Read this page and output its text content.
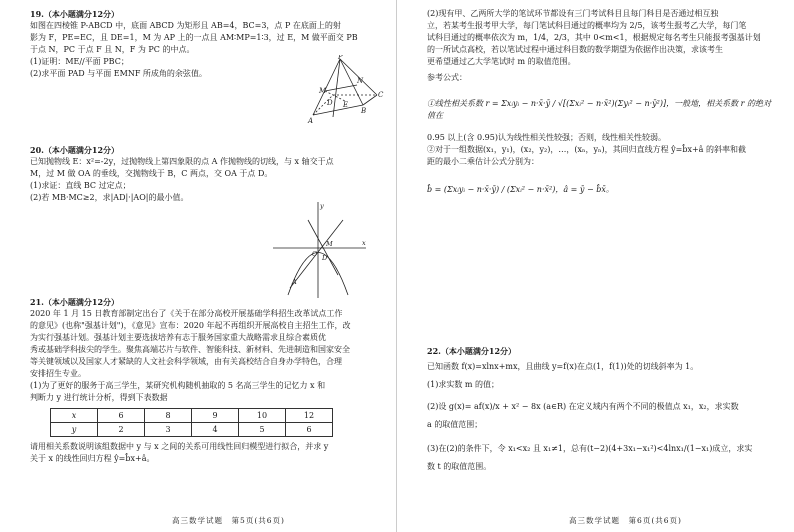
19.（本小题满分12分）

如图在四棱锥 P-ABCD 中，底面 ABCD 为矩形且 AB=4，BC=3，点 P 在底面上的射

影为 F，PE=EC，且 DE=1，M 为 AP 上的一点且 AM∶MP=1∶3，过 E，M 做平面交 PB

于点 N，PC 于点 F 且 N，F 为 PC 的中点。

(1)证明：ME//平面 PBC；

(2)求平面 PAD 与平面 EMNF 所成角的余弦值。

P
A
B
C
M
E
D
N

20.（本小题满分12分）

已知抛物线 E：x²=-2y，过抛物线上第四象限的点 A 作抛物线的切线，与 x 轴交于点

M，过 M 做 OA 的垂线，交抛物线于 B，C 两点，交 OA 于点 D。

(1)求证：直线 BC 过定点；

(2)若 MB·MC≥2，求|AD|·|AO|的最小值。

x
y
O
M
D
A

21.（本小题满分12分）

2020 年 1 月 15 日教育部制定出台了《关于在部分高校开展基础学科招生改革试点工作

的意见》(也称"强基计划")，《意见》宣布：2020 年起不再组织开展高校自主招生工作，改

为实行强基计划。强基计划主要选拔培养有志于服务国家重大战略需求且综合素质优

秀或基础学科拔尖的学生。聚焦高端芯片与软件、智能科技、新材料、先进制造和国家安全

等关键领域以及国家人才紧缺的人文社会科学领域，由有关高校结合自身办学特色，合理

安排招生专业。

(1)为了更好的服务于高三学生，某研究机构随机抽取的 5 名高三学生的记忆力 x 和

判断力 y 进行统计分析，得到下表数据

x	6	8	9	10	12
y	2	3	4	5	6

请用相关系数说明该组数据中 y 与 x 之间的关系可用线性回归模型进行拟合，并求 y

关于 x 的线性回归方程 ŷ=b̂x+â。

高三数学试题　第5页(共6页)

(2)现有甲、乙两所大学的笔试环节都设有三门考试科目且每门科目是否通过相互独

立，若某考生报考甲大学，每门笔试科目通过的概率均为 2/5，该考生报考乙大学，每门笔

试科目通过的概率依次为 m，1/4，2/3，其中 0<m<1，根据规定每名考生只能报考强基计划

的一所试点高校，若以笔试过程中通过科目数的数学期望为依据作出决策，求该考生

更希望通过乙大学笔试时 m 的取值范围。

参考公式：

①线性相关系数 r = Σxᵢyᵢ − n·x̄·ȳ / √[(Σxᵢ² − n·x̄²)(Σyᵢ² − n·ȳ²)]，一般地，相关系数 r 的绝对值在

0.95 以上(含 0.95)认为线性相关性较强；否则，线性相关性较弱。

②对于一组数据(x₁，y₁)，(x₂，y₂)，…，(xₙ，yₙ)，其回归直线方程 ŷ=b̂x+â 的斜率和截

距的最小二乘估计公式分别为：

b̂ = (Σxᵢyᵢ − n·x̄·ȳ) / (Σxᵢ² − n·x̄²)，â = ȳ − b̂x̄。

22.（本小题满分12分）

已知函数 f(x)=xlnx+mx，且曲线 y=f(x)在点(1，f(1))处的切线斜率为 1。

(1)求实数 m 的值；

(2)设 g(x)= af(x)/x + x² − 8x (a∈R) 在定义域内有两个不同的极值点 x₁，x₂，求实数

a 的取值范围；

(3)在(2)的条件下，令 x₁<x₂ 且 x₁≠1，总有(t−2)(4+3x₁−x₁²)<4lnx₁/(1−x₁)成立，求实

数 t 的取值范围。

高三数学试题　第6页(共6页)
